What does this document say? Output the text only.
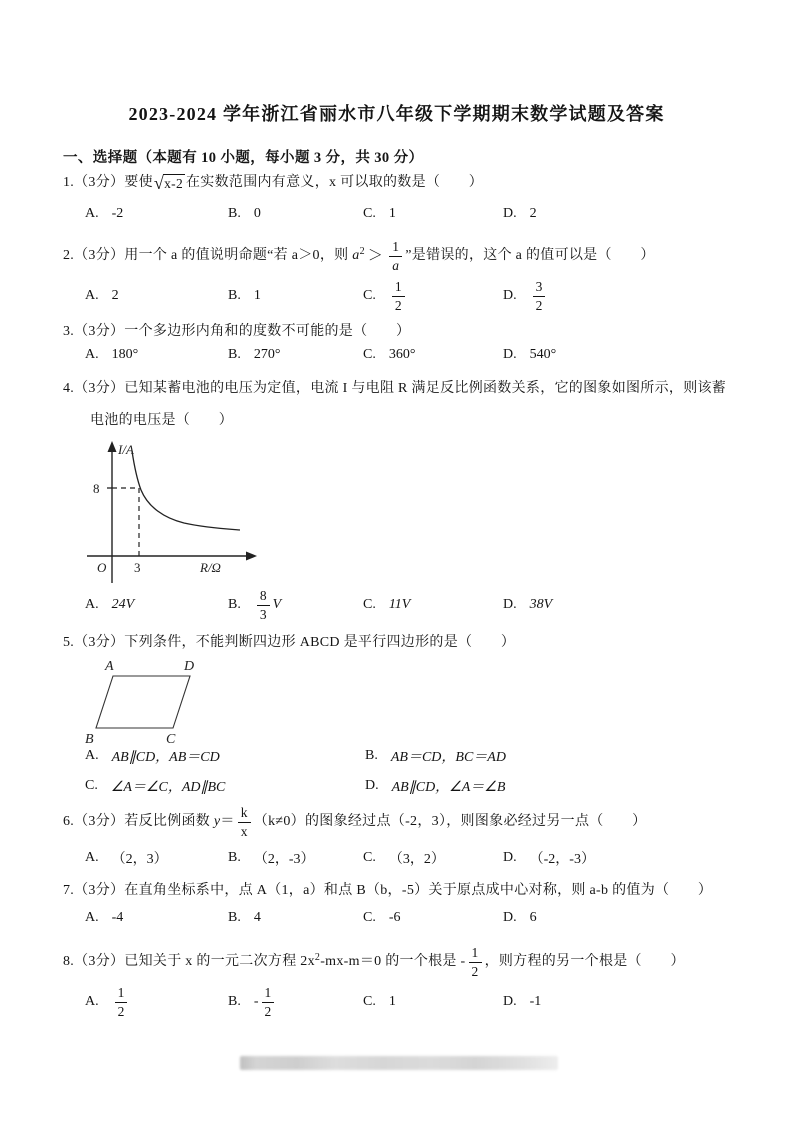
2023-2024 学年浙江省丽水市八年级下学期期末数学试题及答案
一、选择题（本题有 10 小题，每小题 3 分，共 30 分）
1.（3分）要使 √ x-2 在实数范围内有意义，x 可以取的数是（　　）
A. -2	B. 0	C. 1	D. 2
2.（3分）用一个 a 的值说明命题“若 a＞0，则 a $2 > \frac{1}{a}$ ”是错误的，这个 a 的值可以是（　　）
A. 2	B. 1	C. $\frac{1}{2}$	D. $\frac{3}{2}$
3.（3分）一个多边形内角和的度数不可能的是（　　）
A. 180°	B. 270°	C. 360°	D. 540°
4.（3分）已知某蓄电池的电压为定值，电流 I 与电阻 R 满足反比例函数关系，它的图象如图所示，则该蓄
电池的电压是（　　）
I/A
8
O 3	R/Ω
A. 24V	B. $\frac{8}{3}$ V	C. 11V	D. 38V
5.（3分）下列条件，不能判断四边形 ABCD 是平行四边形的是（　　）
A	D
B	C
A. AB∥CD，AB＝CD	B. AB＝CD，BC＝AD
C. ∠A＝∠C，AD∥BC	D. AB∥CD，∠A＝∠B
6.（3分）若反比例函数 $y = \frac{k}{x} (k\ne 0)$ 的图象经过点（-2，3），则图象必经过另一点（　　）
A. （2，3）	B. （2，-3）	C. （3，2）	D. （-2，-3）
7.（3分）在直角坐标系中，点 A（1，a）和点 B（b，-5）关于原点成中心对称，则 a-b 的值为（　　）
A. -4	B. 4	C. -6	D. 6
8.（3分）已知关于 x 的一元二次方程 2x 2 -mx-m＝0 的一个根是 - $\frac{1}{2}$ ，则方程的另一个根是（　　）
A. $\frac{1}{2}$	B. - $\frac{1}{2}$	C. 1	D. -1
